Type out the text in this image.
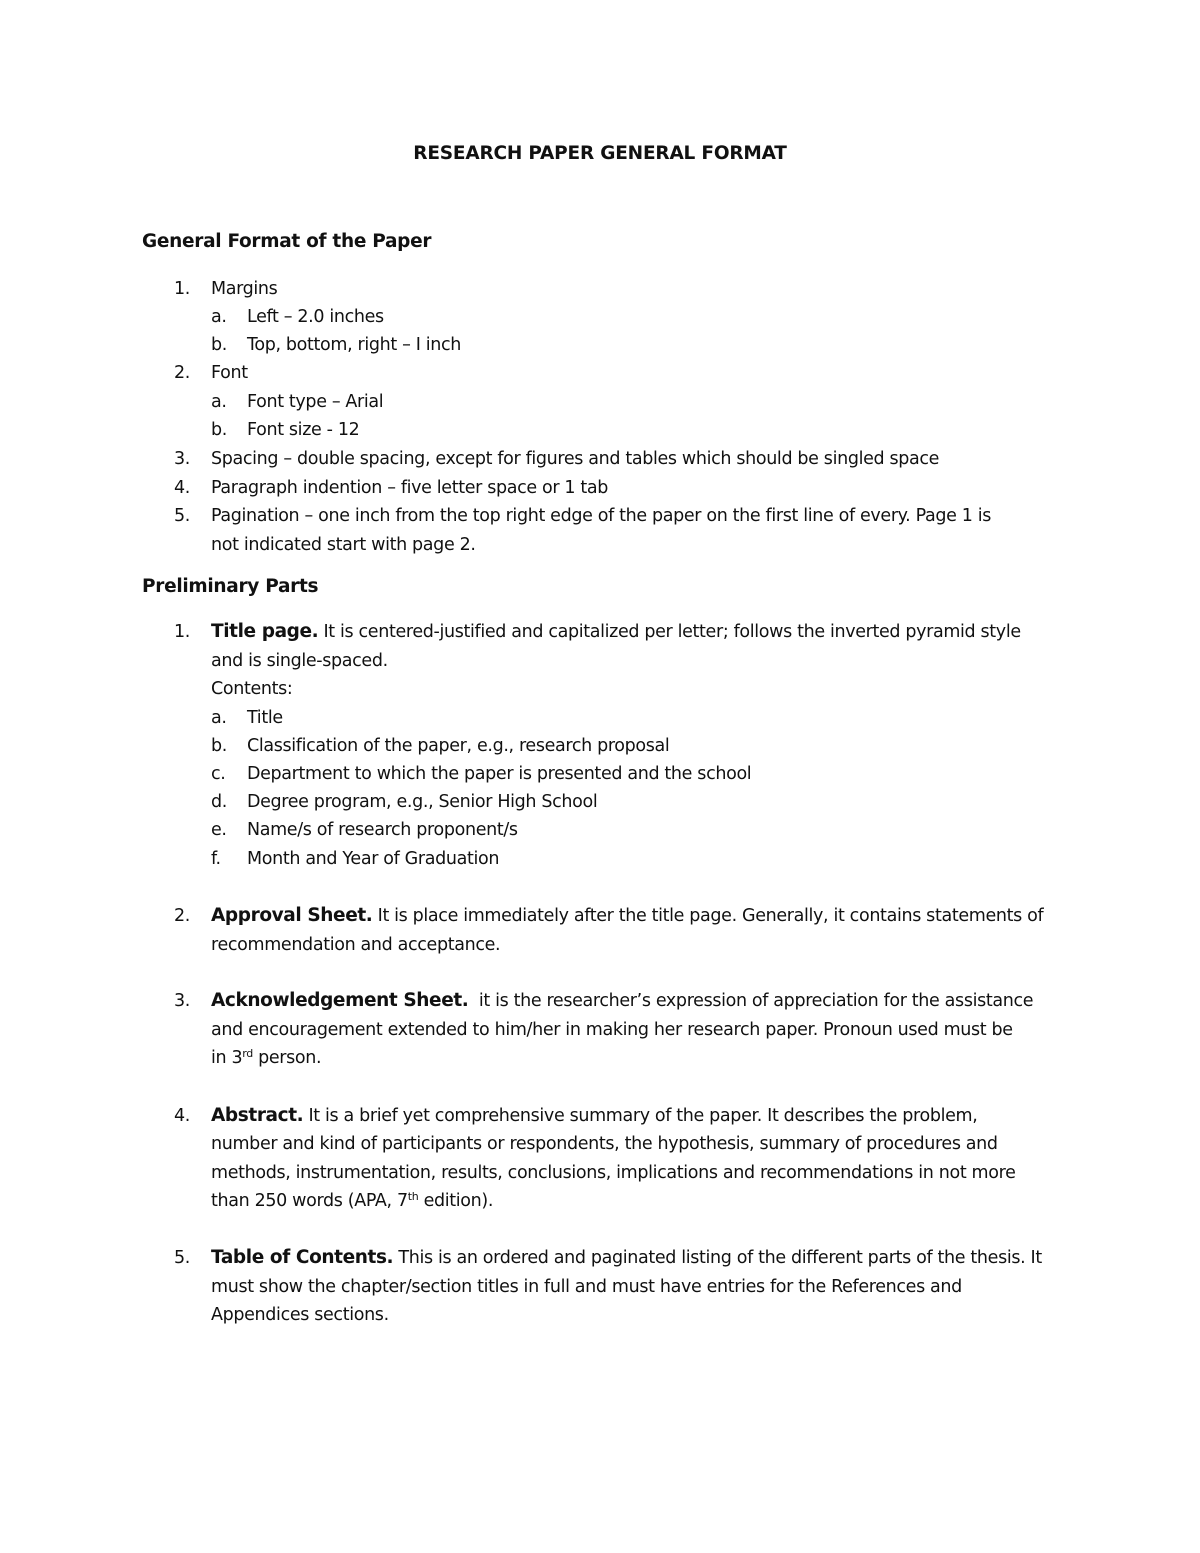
RESEARCH PAPER GENERAL FORMAT
General Format of the Paper
1. Margins
a. Left – 2.0 inches
b. Top, bottom, right – I inch
2. Font
a. Font type – Arial
b. Font size - 12
3. Spacing – double spacing, except for figures and tables which should be singled space
4. Paragraph indention – five letter space or 1 tab
5. Pagination – one inch from the top right edge of the paper on the first line of every. Page 1 is
not indicated start with page 2.
Preliminary Parts
1. Title page. It is centered-justified and capitalized per letter; follows the inverted pyramid style
and is single-spaced.
Contents:
a. Title
b. Classification of the paper, e.g., research proposal
c. Department to which the paper is presented and the school
d. Degree program, e.g., Senior High School
e. Name/s of research proponent/s
f. Month and Year of Graduation
2. Approval Sheet. It is place immediately after the title page. Generally, it contains statements of
recommendation and acceptance.
3. Acknowledgement Sheet.  it is the researcher’s expression of appreciation for the assistance
and encouragement extended to him/her in making her research paper. Pronoun used must be
in 3rd person.
4. Abstract. It is a brief yet comprehensive summary of the paper. It describes the problem,
number and kind of participants or respondents, the hypothesis, summary of procedures and
methods, instrumentation, results, conclusions, implications and recommendations in not more
than 250 words (APA, 7th edition).
5. Table of Contents. This is an ordered and paginated listing of the different parts of the thesis. It
must show the chapter/section titles in full and must have entries for the References and
Appendices sections.
